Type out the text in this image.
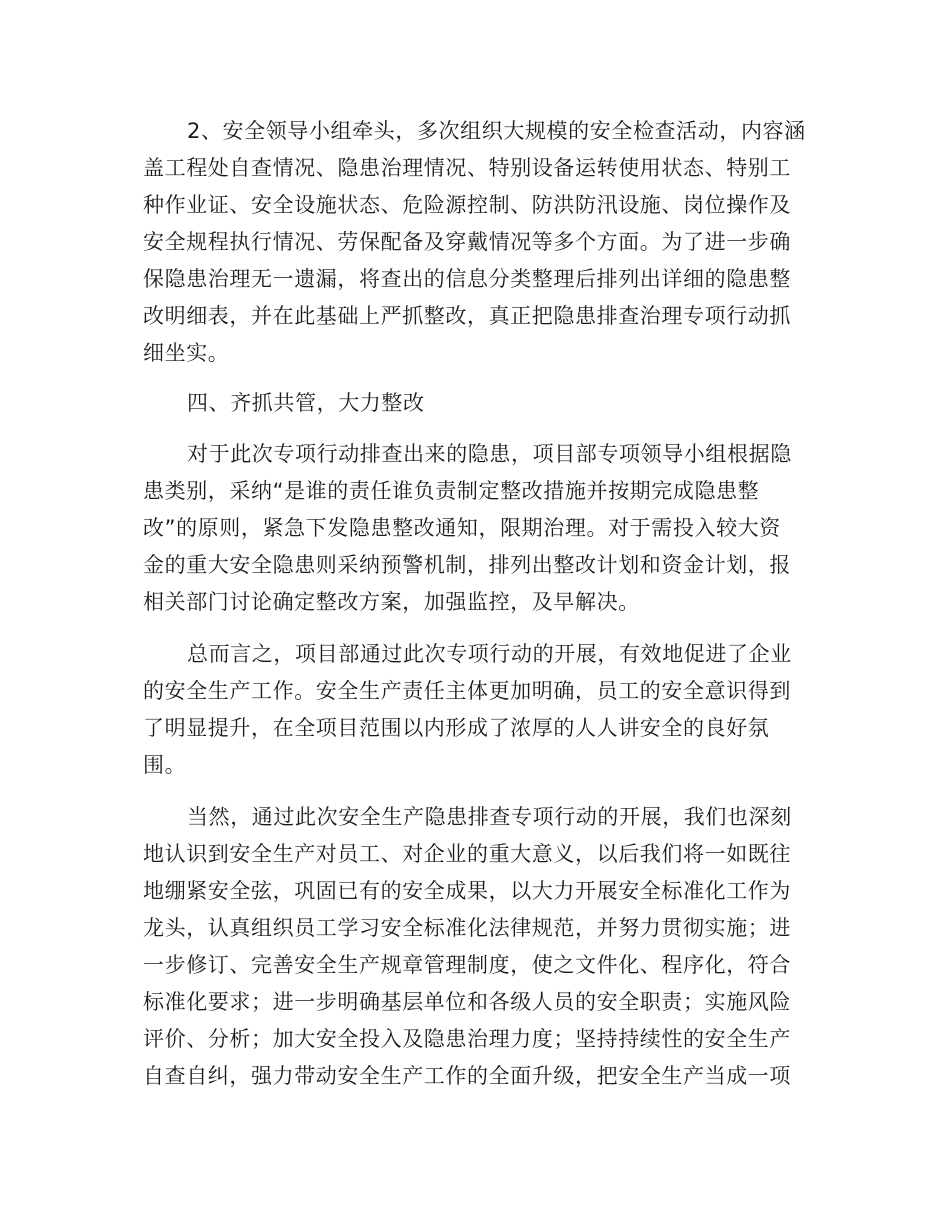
2、安全领导小组牵头，多次组织大规模的安全检查活动，内容涵
盖工程处自查情况、隐患治理情况、特别设备运转使用状态、特别工
种作业证、安全设施状态、危险源控制、防洪防汛设施、岗位操作及
安全规程执行情况、劳保配备及穿戴情况等多个方面。为了进一步确
保隐患治理无一遗漏，将查出的信息分类整理后排列出详细的隐患整
改明细表，并在此基础上严抓整改，真正把隐患排查治理专项行动抓
细坐实。
四、齐抓共管，大力整改
对于此次专项行动排查出来的隐患，项目部专项领导小组根据隐
患类别，采纳“是谁的责任谁负责制定整改措施并按期完成隐患整
改”的原则，紧急下发隐患整改通知，限期治理。对于需投入较大资
金的重大安全隐患则采纳预警机制，排列出整改计划和资金计划，报
相关部门讨论确定整改方案，加强监控，及早解决。
总而言之，项目部通过此次专项行动的开展，有效地促进了企业
的安全生产工作。安全生产责任主体更加明确，员工的安全意识得到
了明显提升，在全项目范围以内形成了浓厚的人人讲安全的良好氛
围。
当然，通过此次安全生产隐患排查专项行动的开展，我们也深刻
地认识到安全生产对员工、对企业的重大意义，以后我们将一如既往
地绷紧安全弦，巩固已有的安全成果，以大力开展安全标准化工作为
龙头，认真组织员工学习安全标准化法律规范，并努力贯彻实施；进
一步修订、完善安全生产规章管理制度，使之文件化、程序化，符合
标准化要求；进一步明确基层单位和各级人员的安全职责；实施风险
评价、分析；加大安全投入及隐患治理力度；坚持持续性的安全生产
自查自纠，强力带动安全生产工作的全面升级，把安全生产当成一项
